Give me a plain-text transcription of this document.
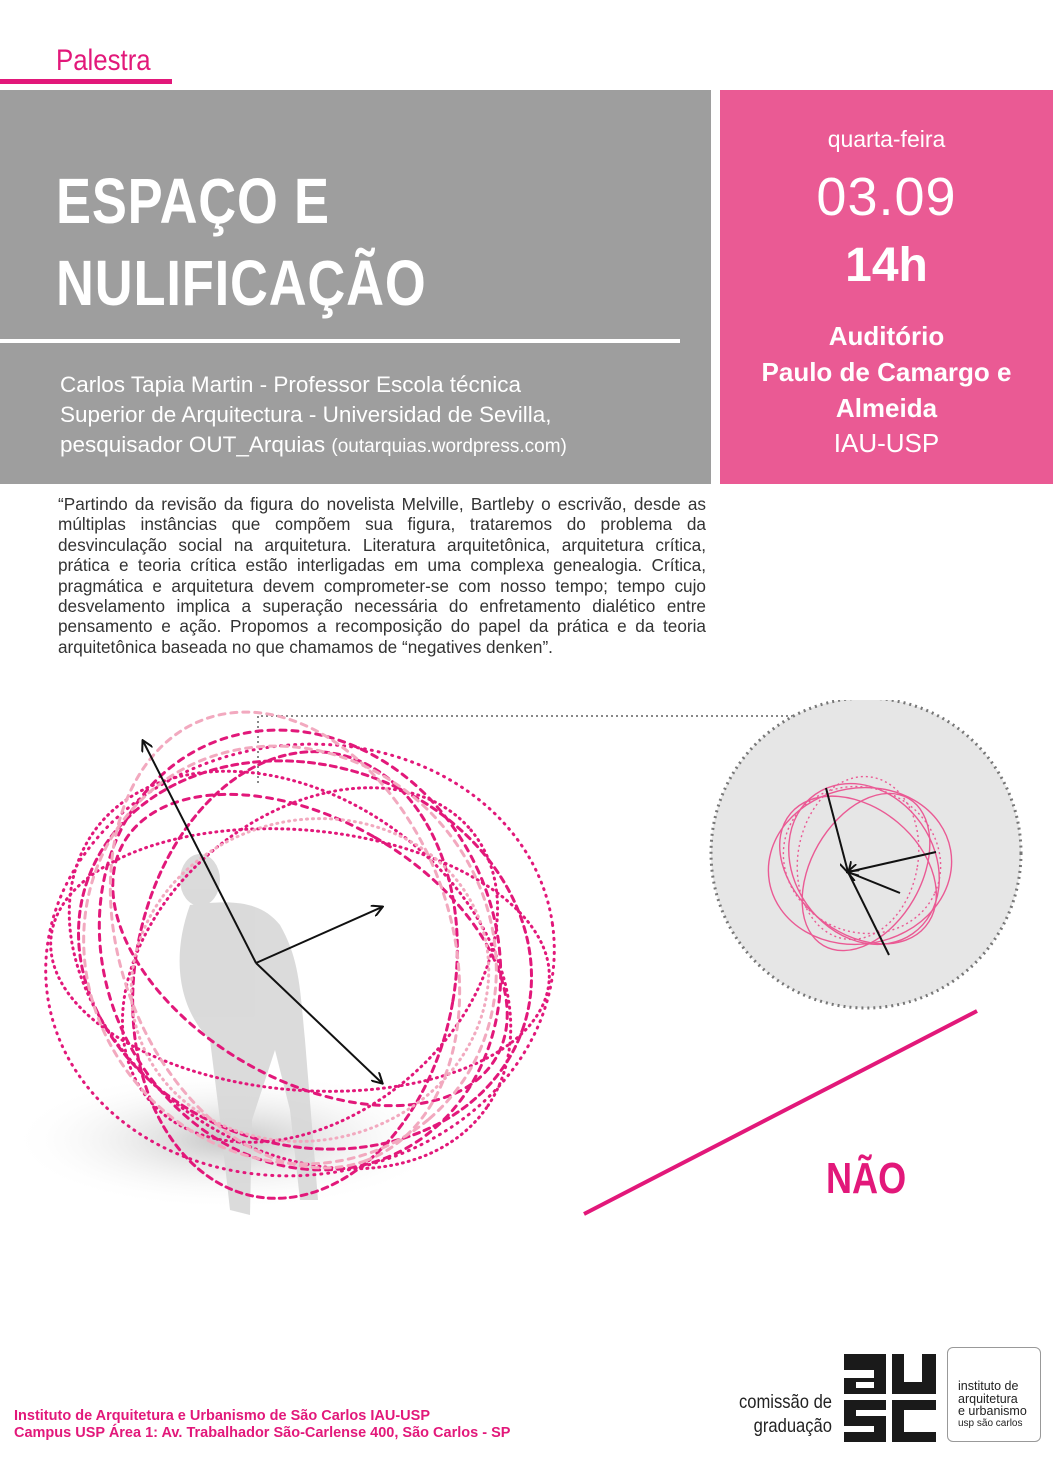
Palestra
ESPAÇO E
NULIFICAÇÃO
Carlos Tapia Martin - Professor Escola técnica
Superior de Arquitectura - Universidad de Sevilla,
pesquisador OUT_Arquias (outarquias.wordpress.com)
quarta-feira
03.09
14h
Auditório
Paulo de Camargo e
Almeida
IAU-USP
“Partindo da revisão da figura do novelista Melville, Bartleby o escrivão, desde as múltiplas instâncias que compõem sua figura, trataremos do problema da desvinculação social na arquitetura. Literatura arquitetônica, arquitetura crítica, prática e teoria crítica estão interligadas em uma complexa genealogia. Crítica, pragmática e arquitetura devem comprometer-se com nosso tempo; tempo cujo desvelamento implica a superação necessária do enfretamento dialético entre pensamento e ação. Propomos a recomposição do papel da prática e da teoria arquitetônica baseada no que chamamos de “negatives denken”.
NÃO
Instituto de Arquitetura e Urbanismo de São Carlos IAU-USP
Campus USP Área 1: Av. Trabalhador São-Carlense 400, São Carlos - SP
comissão de
graduação
instituto de
arquitetura
e urbanismo
usp são carlos
